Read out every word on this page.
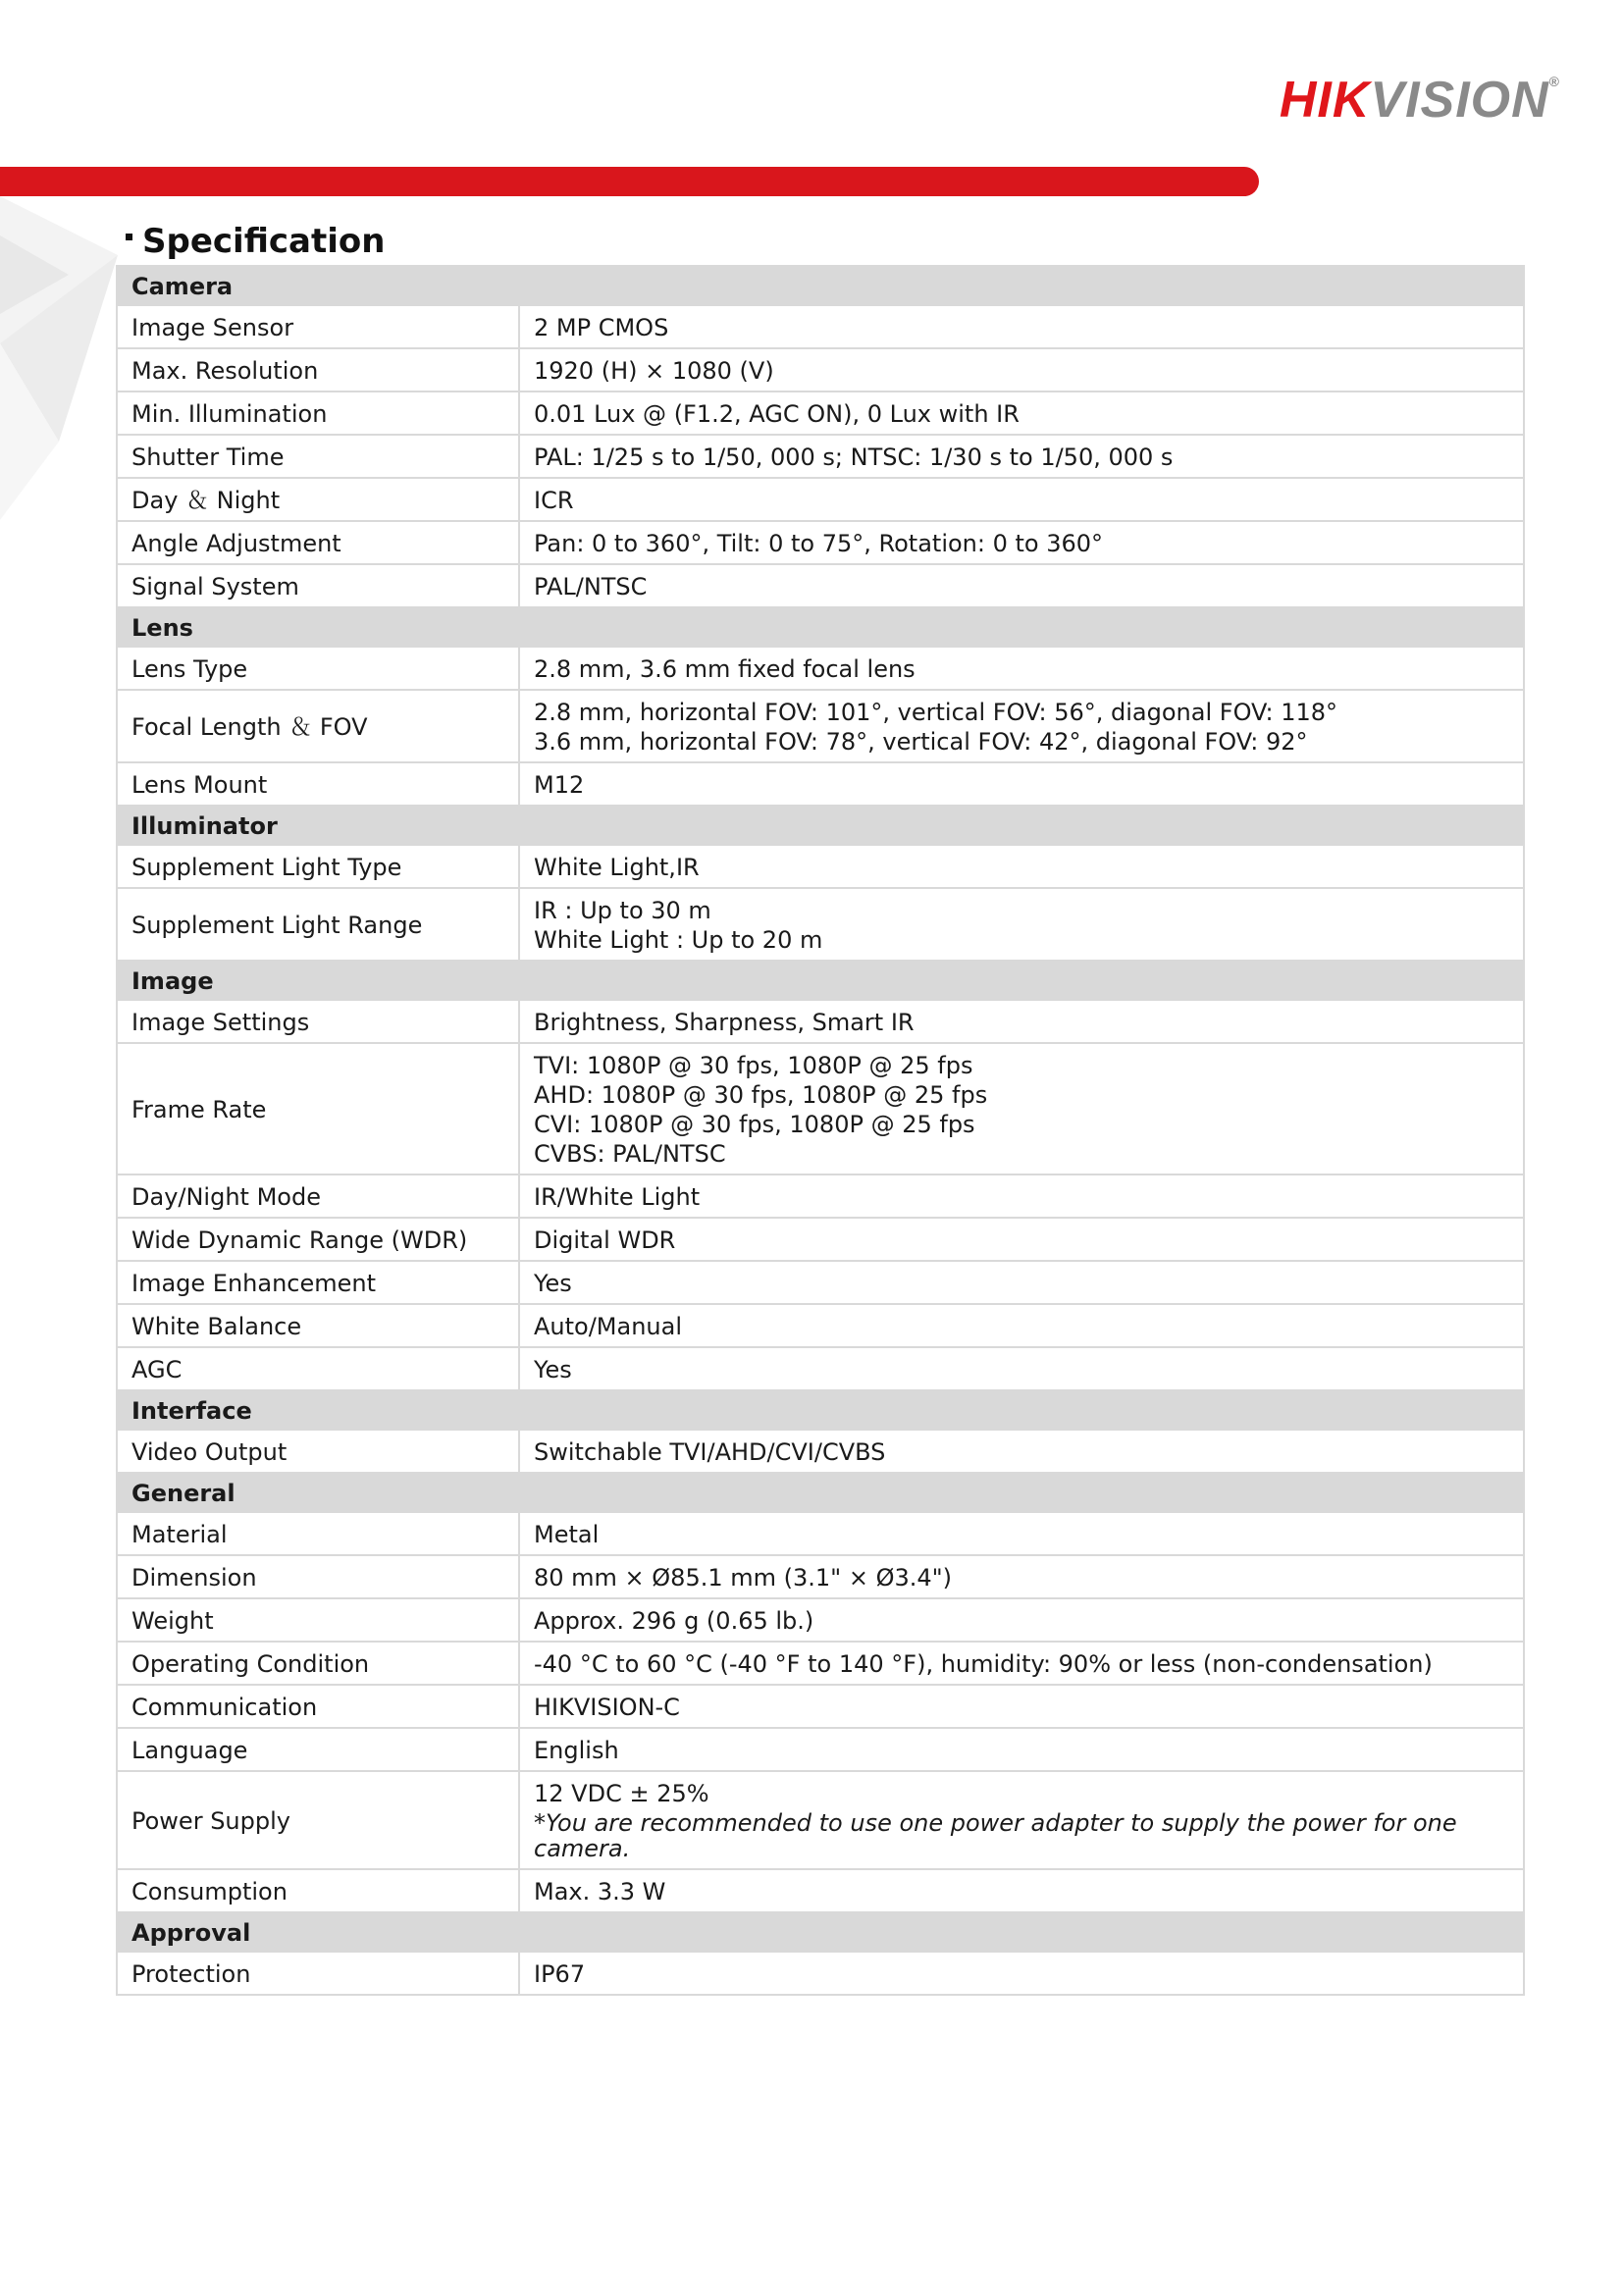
HIKVISION®
Specification
Camera	
Image Sensor	2 MP CMOS

Max. Resolution	1920 (H) × 1080 (V)

Min. Illumination	0.01 Lux @ (F1.2, AGC ON), 0 Lux with IR

Shutter Time	PAL: 1/25 s to 1/50, 000 s; NTSC: 1/30 s to 1/50, 000 s

Day ＆ Night	ICR

Angle Adjustment	Pan: 0 to 360°, Tilt: 0 to 75°, Rotation: 0 to 360°

Signal System	PAL/NTSC

Lens	
Lens Type	2.8 mm, 3.6 mm fixed focal lens

Focal Length ＆ FOV	2.8 mm, horizontal FOV: 101°, vertical FOV: 56°, diagonal FOV: 118°
3.6 mm, horizontal FOV: 78°, vertical FOV: 42°, diagonal FOV: 92°

Lens Mount	M12

Illuminator	
Supplement Light Type	White Light,IR

Supplement Light Range	IR : Up to 30 m
White Light : Up to 20 m

Image	
Image Settings	Brightness, Sharpness, Smart IR

Frame Rate	TVI: 1080P @ 30 fps, 1080P @ 25 fps
AHD: 1080P @ 30 fps, 1080P @ 25 fps
CVI: 1080P @ 30 fps, 1080P @ 25 fps
CVBS: PAL/NTSC

Day/Night Mode	IR/White Light

Wide Dynamic Range (WDR)	Digital WDR

Image Enhancement	Yes

White Balance	Auto/Manual

AGC	Yes

Interface	
Video Output	Switchable TVI/AHD/CVI/CVBS

General	
Material	Metal

Dimension	80 mm × Ø85.1 mm (3.1" × Ø3.4")

Weight	Approx. 296 g (0.65 lb.)

Operating Condition	-40 °C to 60 °C (-40 °F to 140 °F), humidity: 90% or less (non-condensation)

Communication	HIKVISION-C

Language	English

Power Supply	12 VDC ± 25%
*You are recommended to use one power adapter to supply the power for one camera.

Consumption	Max. 3.3 W

Approval	
Protection	IP67
